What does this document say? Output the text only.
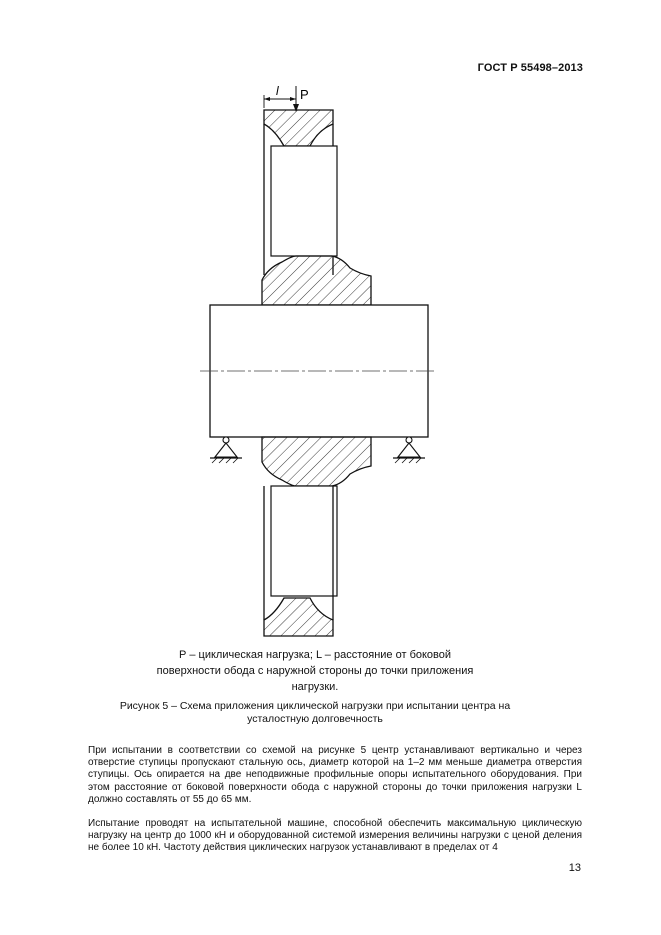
ГОСТ Р 55498–2013
l P
Р – циклическая нагрузка; L – расстояние от боковой поверхности обода с наружной стороны до точки приложения нагрузки.
Рисунок 5 – Схема приложения циклической нагрузки при испытании центра на усталостную долговечность
При испытании в соответствии со схемой на рисунке 5 центр устанавливают вертикально и через отверстие ступицы пропускают стальную ось, диаметр которой на 1–2 мм меньше диаметра отверстия ступицы. Ось опирается на две неподвижные профильные опоры испытательного оборудования. При этом расстояние от боковой поверхности обода с наружной стороны до точки приложения нагрузки L должно составлять от 55 до 65 мм.
Испытание проводят на испытательной машине, способной обеспечить максимальную циклическую нагрузку на центр до 1000 кН и оборудованной системой измерения величины нагрузки с ценой деления не более 10 кН. Частоту действия циклических нагрузок устанавливают в пределах от 4
13
